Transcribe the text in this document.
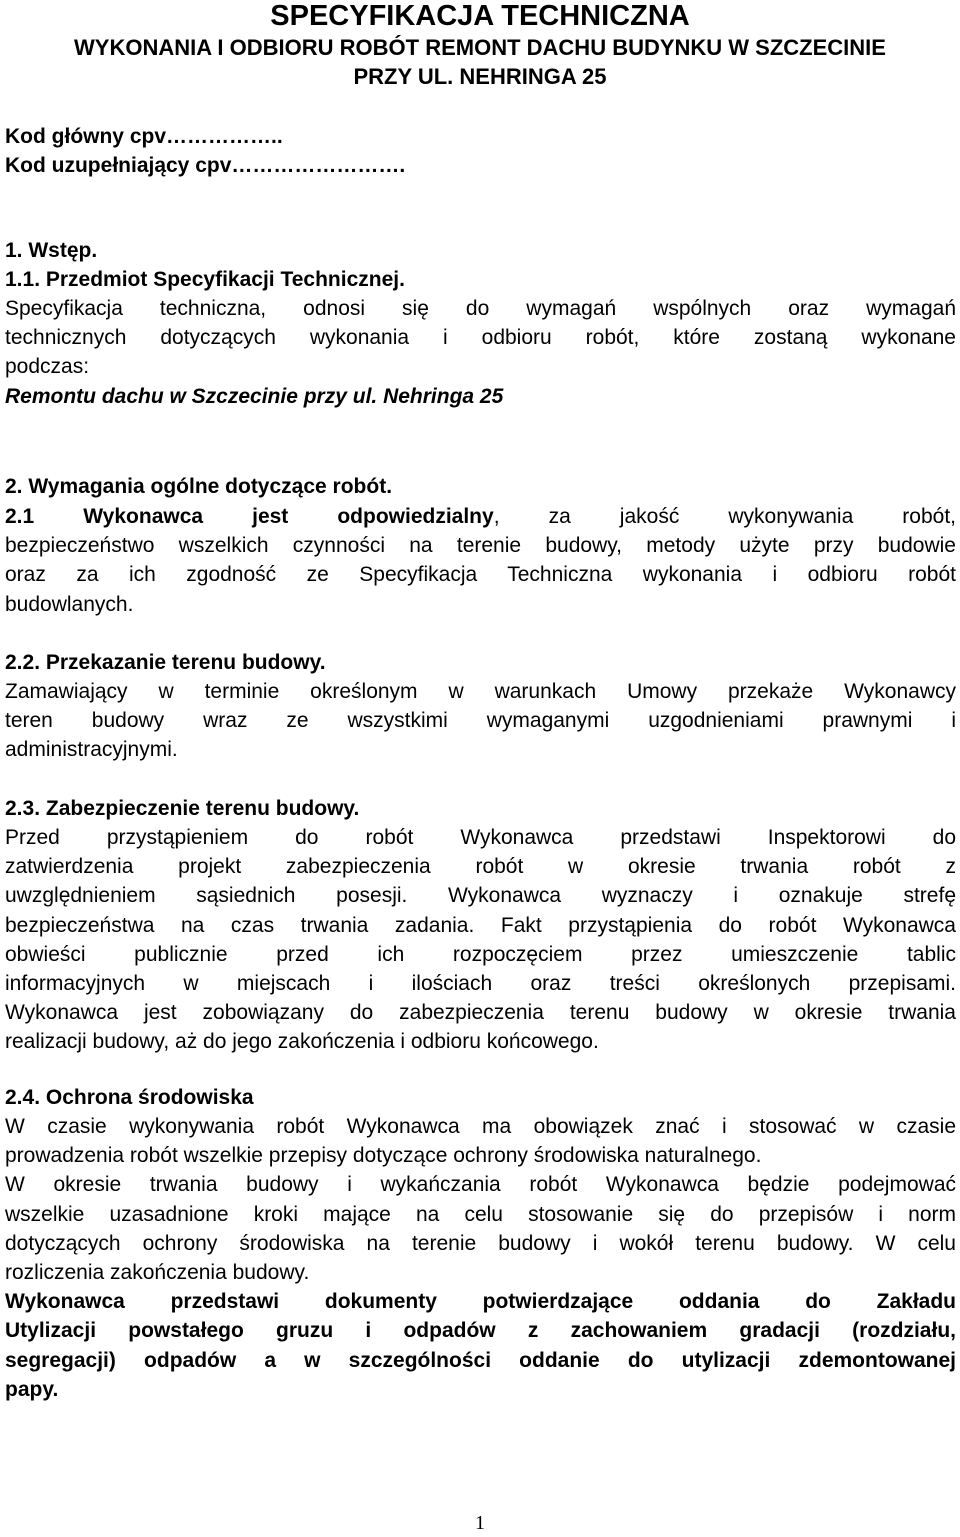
SPECYFIKACJA TECHNICZNA
WYKONANIA I ODBIORU ROBÓT REMONT DACHU BUDYNKU W SZCZECINIE
PRZY UL. NEHRINGA 25
Kod główny cpv……………..
Kod uzupełniający cpv…………………….
1. Wstęp.
1.1. Przedmiot Specyfikacji Technicznej.
Specyfikacja techniczna, odnosi się do wymagań wspólnych oraz wymagań
technicznych dotyczących wykonania i odbioru robót, które zostaną wykonane
podczas:
Remontu dachu w Szczecinie przy ul. Nehringa 25
2. Wymagania ogólne dotyczące robót.
2.1 Wykonawca jest odpowiedzialny, za jakość wykonywania robót,
bezpieczeństwo wszelkich czynności na terenie budowy, metody użyte przy budowie
oraz za ich zgodność ze Specyfikacja Techniczna wykonania i odbioru robót
budowlanych.
2.2. Przekazanie terenu budowy.
Zamawiający w terminie określonym w warunkach Umowy przekaże Wykonawcy
teren budowy wraz ze wszystkimi wymaganymi uzgodnieniami prawnymi i
administracyjnymi.
2.3. Zabezpieczenie terenu budowy.
Przed przystąpieniem do robót Wykonawca przedstawi Inspektorowi do
zatwierdzenia projekt zabezpieczenia robót w okresie trwania robót z
uwzględnieniem sąsiednich posesji. Wykonawca wyznaczy i oznakuje strefę
bezpieczeństwa na czas trwania zadania. Fakt przystąpienia do robót Wykonawca
obwieści publicznie przed ich rozpoczęciem przez umieszczenie tablic
informacyjnych w miejscach i ilościach oraz treści określonych przepisami.
Wykonawca jest zobowiązany do zabezpieczenia terenu budowy w okresie trwania
realizacji budowy, aż do jego zakończenia i odbioru końcowego.
2.4. Ochrona środowiska
W czasie wykonywania robót Wykonawca ma obowiązek znać i stosować w czasie
prowadzenia robót wszelkie przepisy dotyczące ochrony środowiska naturalnego.
W okresie trwania budowy i wykańczania robót Wykonawca będzie podejmować
wszelkie uzasadnione kroki mające na celu stosowanie się do przepisów i norm
dotyczących ochrony środowiska na terenie budowy i wokół terenu budowy. W celu
rozliczenia zakończenia budowy.
Wykonawca przedstawi dokumenty potwierdzające oddania do Zakładu
Utylizacji powstałego gruzu i odpadów z zachowaniem gradacji (rozdziału,
segregacji) odpadów a w szczególności oddanie do utylizacji zdemontowanej
papy.
1
